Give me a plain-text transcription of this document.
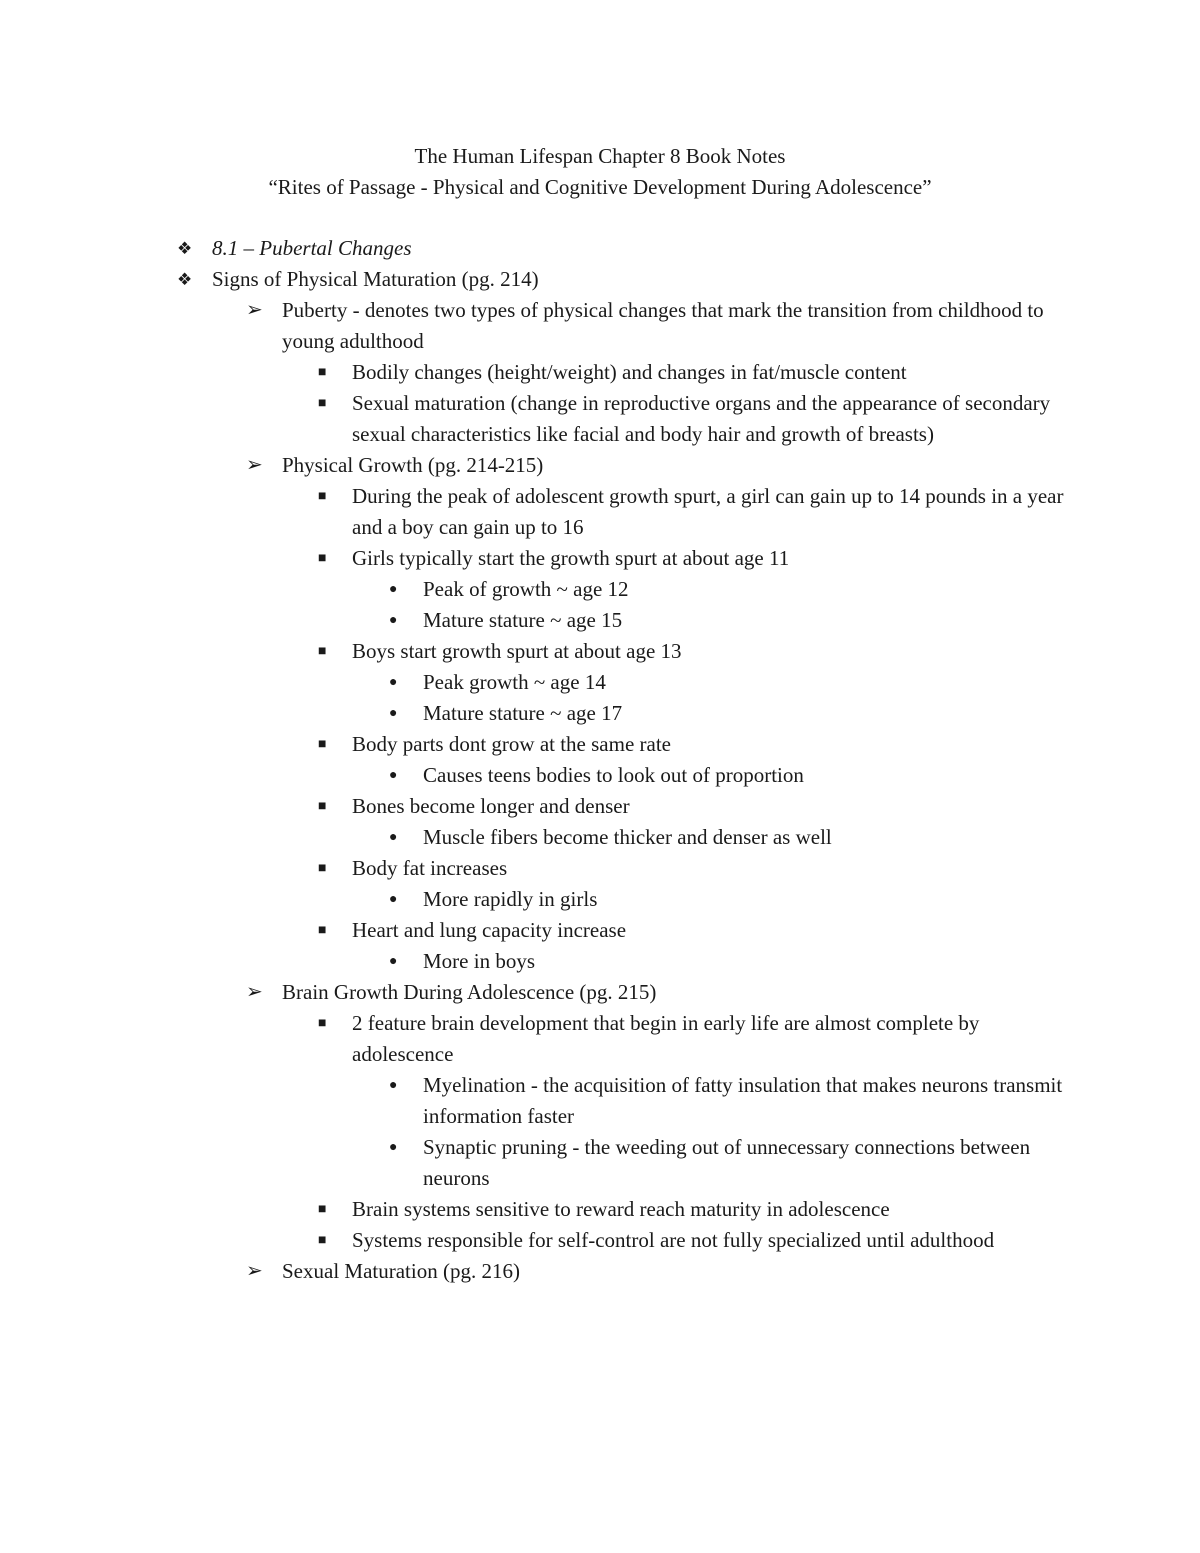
The Human Lifespan Chapter 8 Book Notes
“Rites of Passage - Physical and Cognitive Development During Adolescence”
❖ 8.1 – Pubertal Changes
❖ Signs of Physical Maturation (pg. 214)
➢ Puberty - denotes two types of physical changes that mark the transition from childhood to young adulthood
■	Bodily changes (height/weight) and changes in fat/muscle content
■	Sexual maturation (change in reproductive organs and the appearance of secondary sexual characteristics like facial and body hair and growth of breasts)
➢ Physical Growth (pg. 214-215)
■	During the peak of adolescent growth spurt, a girl can gain up to 14 pounds in a year and a boy can gain up to 16
■	Girls typically start the growth spurt at about age 11
●	Peak of growth ~ age 12
●	Mature stature ~ age 15
■	Boys start growth spurt at about age 13
●	Peak growth ~ age 14
●	Mature stature ~ age 17
■	Body parts dont grow at the same rate
●	Causes teens bodies to look out of proportion
■	Bones become longer and denser
●	Muscle fibers become thicker and denser as well
■	Body fat increases
●	More rapidly in girls
■	Heart and lung capacity increase
●	More in boys
➢ Brain Growth During Adolescence (pg. 215)
■	2 feature brain development that begin in early life are almost complete by adolescence
●	Myelination - the acquisition of fatty insulation that makes neurons transmit information faster
●	Synaptic pruning - the weeding out of unnecessary connections between neurons
■	Brain systems sensitive to reward reach maturity in adolescence
■	Systems responsible for self-control are not fully specialized until adulthood
➢ Sexual Maturation (pg. 216)
